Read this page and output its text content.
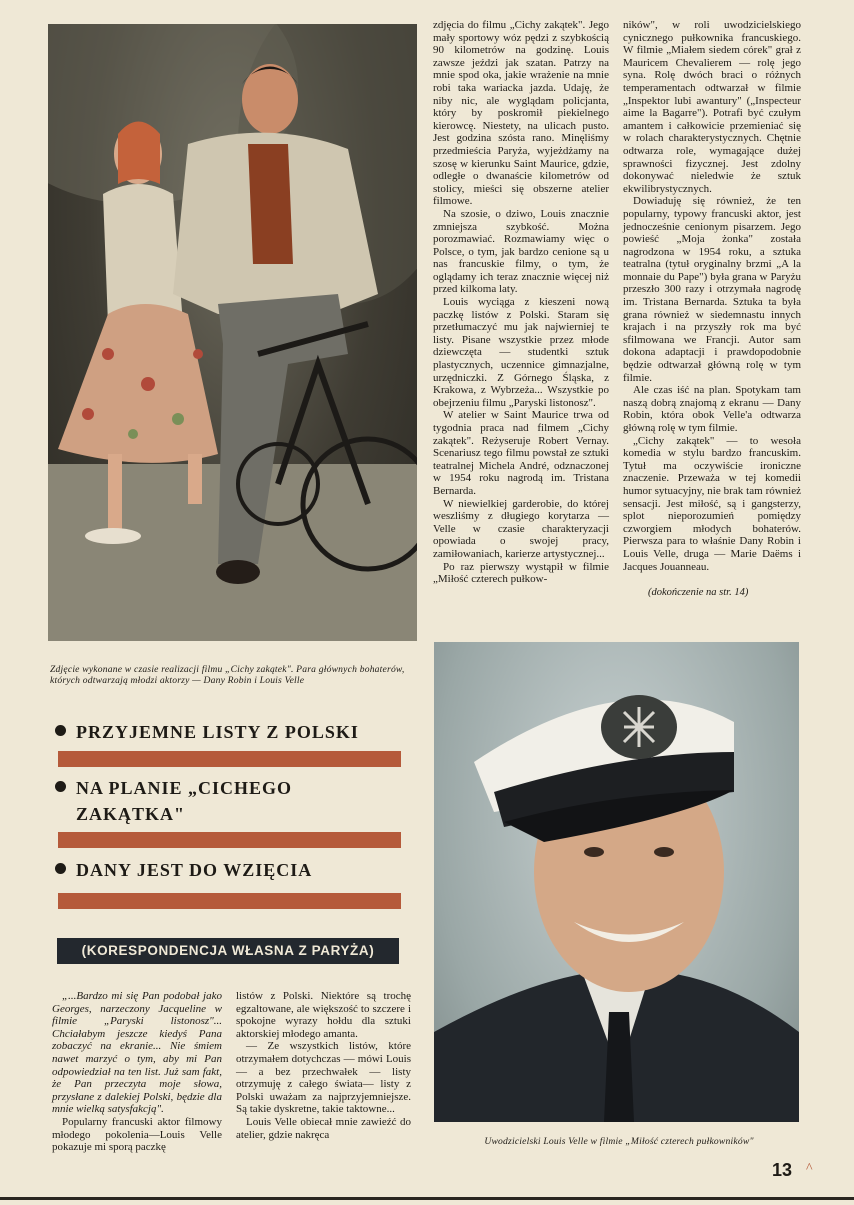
zdjęcia do filmu „Cichy zakątek". Jego mały sportowy wóz pędzi z szybkością 90 kilometrów na godzinę. Louis zawsze jeździ jak szatan. Patrzy na mnie spod oka, jakie wrażenie na mnie robi taka wariacka jazda. Udaję, że niby nic, ale wyglądam policjanta, który by poskromił piekielnego kierowcę. Niestety, na ulicach pusto. Jest godzina szósta rano. Minęliśmy przedmieścia Paryża, wyjeżdżamy na szosę w kierunku Saint Maurice, gdzie, odległe o dwanaście kilometrów od stolicy, mieści się obszerne atelier filmowe.

Na szosie, o dziwo, Louis znacznie zmniejsza szybkość. Można porozmawiać. Rozmawiamy więc o Polsce, o tym, jak bardzo cenione są u nas francuskie filmy, o tym, że oglądamy ich teraz znacznie więcej niż przed kilkoma laty.

Louis wyciąga z kieszeni nową paczkę listów z Polski. Staram się przetłumaczyć mu jak najwierniej te listy. Pisane wszystkie przez młode dziewczęta — studentki sztuk plastycznych, uczennice gimnazjalne, urzędniczki. Z Górnego Śląska, z Krakowa, z Wybrzeża... Wszystkie po obejrzeniu filmu „Paryski listonosz".

W atelier w Saint Maurice trwa od tygodnia praca nad filmem „Cichy zakątek". Reżyseruje Robert Vernay. Scenariusz tego filmu powstał ze sztuki teatralnej Michela André, odznaczonej w 1954 roku nagrodą im. Tristana Bernarda.

W niewielkiej garderobie, do której weszliśmy z długiego korytarza — Velle w czasie charakteryzacji opowiada o swojej pracy, zamiłowaniach, karierze artystycznej...

Po raz pierwszy wystąpił w filmie „Miłość czterech pułkow-

ników", w roli uwodzicielskiego cynicznego pułkownika francuskiego. W filmie „Miałem siedem córek" grał z Mauricem Chevalierem — rolę jego syna. Rolę dwóch braci o różnych temperamentach odtwarzał w filmie „Inspektor lubi awantury" („Inspecteur aime la Bagarre"). Potrafi być czułym amantem i całkowicie przemieniać się w rolach charakterystycznych. Chętnie odtwarza role, wymagające dużej sprawności fizycznej. Jest zdolny dokonywać nieledwie że sztuk ekwilibrystycznych.

Dowiaduję się również, że ten popularny, typowy francuski aktor, jest jednocześnie cenionym pisarzem. Jego powieść „Moja żonka" została nagrodzona w 1954 roku, a sztuka teatralna (tytuł oryginalny brzmi „A la monnaie du Pape") była grana w Paryżu przeszło 300 razy i otrzymała nagrodę im. Tristana Bernarda. Sztuka ta była grana również w siedemnastu innych krajach i na przyszły rok ma być sfilmowana we Francji. Autor sam dokona adaptacji i prawdopodobnie będzie odtwarzał główną rolę w tym filmie.

Ale czas iść na plan. Spotykam tam naszą dobrą znajomą z ekranu — Dany Robin, która obok Velle'a odtwarza główną rolę w tym filmie.

„Cichy zakątek" — to wesoła komedia w stylu bardzo francuskim. Tytuł ma oczywiście ironiczne znaczenie. Przeważa w tej komedii humor sytuacyjny, nie brak tam również sensacji. Jest miłość, są i gangsterzy, splot nieporozumień pomiędzy czworgiem młodych bohaterów. Pierwsza para to właśnie Dany Robin i Louis Velle, druga — Marie Daëms i Jacques Jouanneau.

(dokończenie na str. 14)
Zdjęcie wykonane w czasie realizacji filmu „Cichy zakątek". Para głównych bohaterów, których odtwarzają młodzi aktorzy — Dany Robin i Louis Velle
PRZYJEMNE LISTY Z POLSKI
NA PLANIE „CICHEGO ZAKĄTKA"
DANY JEST DO WZIĘCIA
(KORESPONDENCJA WŁASNA Z PARYŻA)

„...Bardzo mi się Pan podobał jako Georges, narzeczony Jacqueline w filmie „Paryski listonosz"... Chciałabym jeszcze kiedyś Pana zobaczyć na ekranie... Nie śmiem nawet marzyć o tym, aby mi Pan odpowiedział na ten list. Już sam fakt, że Pan przeczyta moje słowa, przysłane z dalekiej Polski, będzie dla mnie wielką satysfakcją".

Popularny francuski aktor filmowy młodego pokolenia—Louis Velle pokazuje mi sporą paczkę

listów z Polski. Niektóre są trochę egzaltowane, ale większość to szczere i spokojne wyrazy hołdu dla sztuki aktorskiej młodego amanta.

— Ze wszystkich listów, które otrzymałem dotychczas — mówi Louis — a bez przechwałek — listy otrzymuję z całego świata— listy z Polski uważam za najprzyjemniejsze. Są takie dyskretne, takie taktowne...

Louis Velle obiecał mnie zawieźć do atelier, gdzie nakręca

Uwodzicielski Louis Velle w filmie „Miłość czterech pułkowników"
13 ^
